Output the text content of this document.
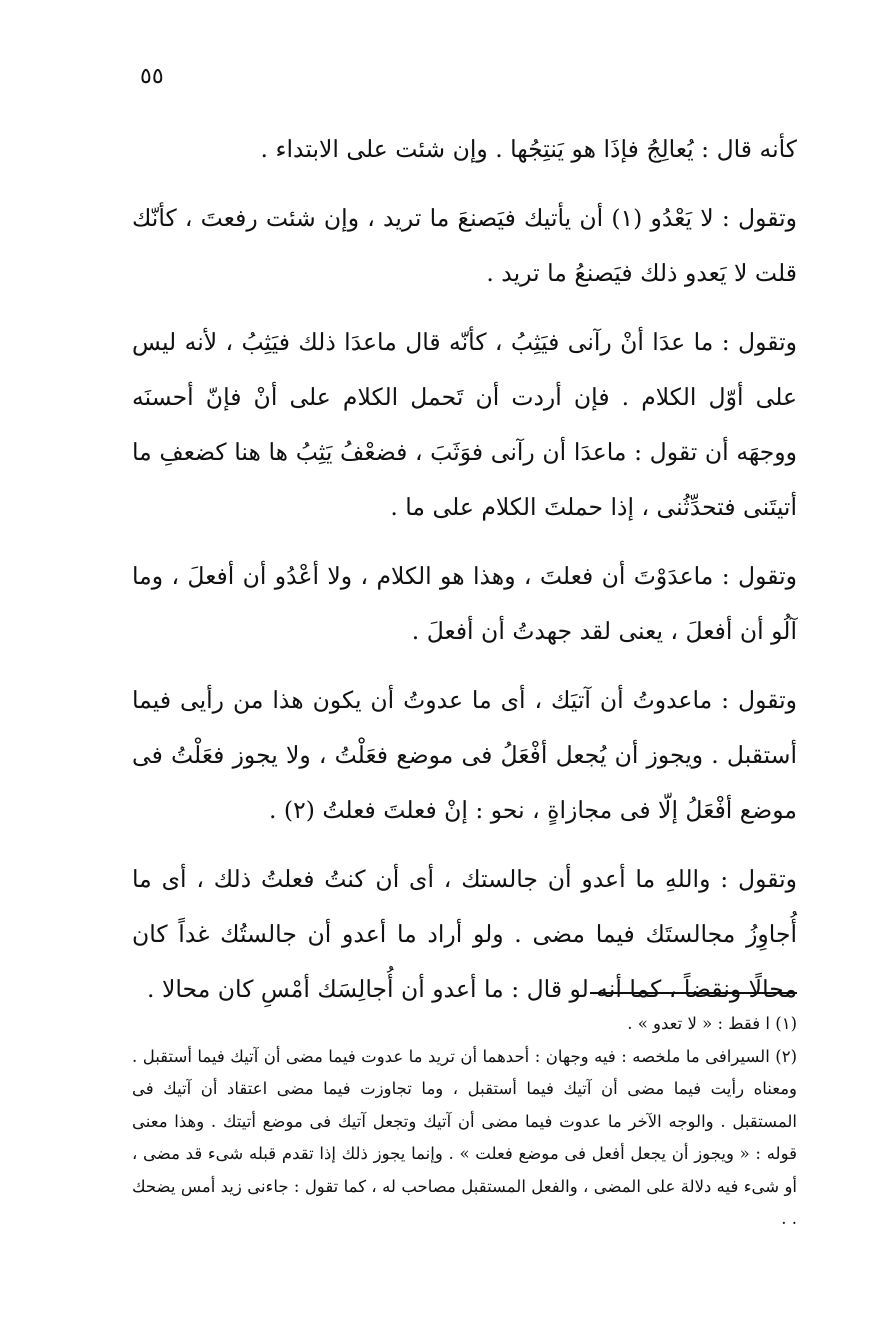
٥٥

كأنه قال : يُعالِجُ فإذَا هو يَنتِجُها . وإن شئت على الابتداء .

وتقول : لا يَعْدُو (١) أن يأتيك فيَصنعَ ما تريد ، وإن شئت رفعتَ ، كأنّك قلت لا يَعدو ذلك فيَصنعُ ما تريد .

وتقول : ما عدَا أنْ رآنى فيَثِبُ ، كأنّه قال ماعدَا ذلك فيَثِبُ ، لأنه ليس على أوّل الكلام . فإن أردت أن تَحمل الكلام على أنْ فإنّ أحسنَه ووجهَه أن تقول : ماعدَا أن رآنى فوَثَبَ ، فضعْفُ يَثِبُ ها هنا كضعفِ ما أتيتَنى فتحدِّثُنى ، إذا حملتَ الكلام على ما .

وتقول : ماعدَوْتَ أن فعلتَ ، وهذا هو الكلام ، ولا أعْدُو أن أفعلَ ، وما آلُو أن أفعلَ ، يعنى لقد جهدتُ أن أفعلَ .

وتقول : ماعدوتُ أن آتيَك ، أى ما عدوتُ أن يكون هذا من رأيى فيما أستقبل . ويجوز أن يُجعل أفْعَلُ فى موضع فعَلْتُ ، ولا يجوز فعَلْتُ فى موضع أفْعَلُ إلّا فى مجازاةٍ ، نحو : إنْ فعلتَ فعلتُ (٢) .

وتقول : واللهِ ما أعدو أن جالستك ، أى أن كنتُ فعلتُ ذلك ، أى ما أُجاوِزُ مجالستَك فيما مضى . ولو أراد ما أعدو أن جالستُك غداً كان محالًا ونقضاً ، كما أنه لو قال : ما أعدو أن أُجالِسَك أمْسِ كان محالا .

(١) ا فقط : « لا تعدو » .

(٢) السيرافى ما ملخصه : فيه وجهان : أحدهما أن تريد ما عدوت فيما مضى أن آتيك فيما أستقبل . ومعناه رأيت فيما مضى أن آتيك فيما أستقبل ، وما تجاوزت فيما مضى اعتقاد أن آتيك فى المستقبل . والوجه الآخر ما عدوت فيما مضى أن آتيك وتجعل آتيك فى موضع أتيتك . وهذا معنى قوله : « ويجوز أن يجعل أفعل فى موضع فعلت » . وإنما يجوز ذلك إذا تقدم قبله شىء قد مضى ، أو شىء فيه دلالة على المضى ، والفعل المستقبل مصاحب له ، كما تقول : جاءنى زيد أمس يضحك . .
